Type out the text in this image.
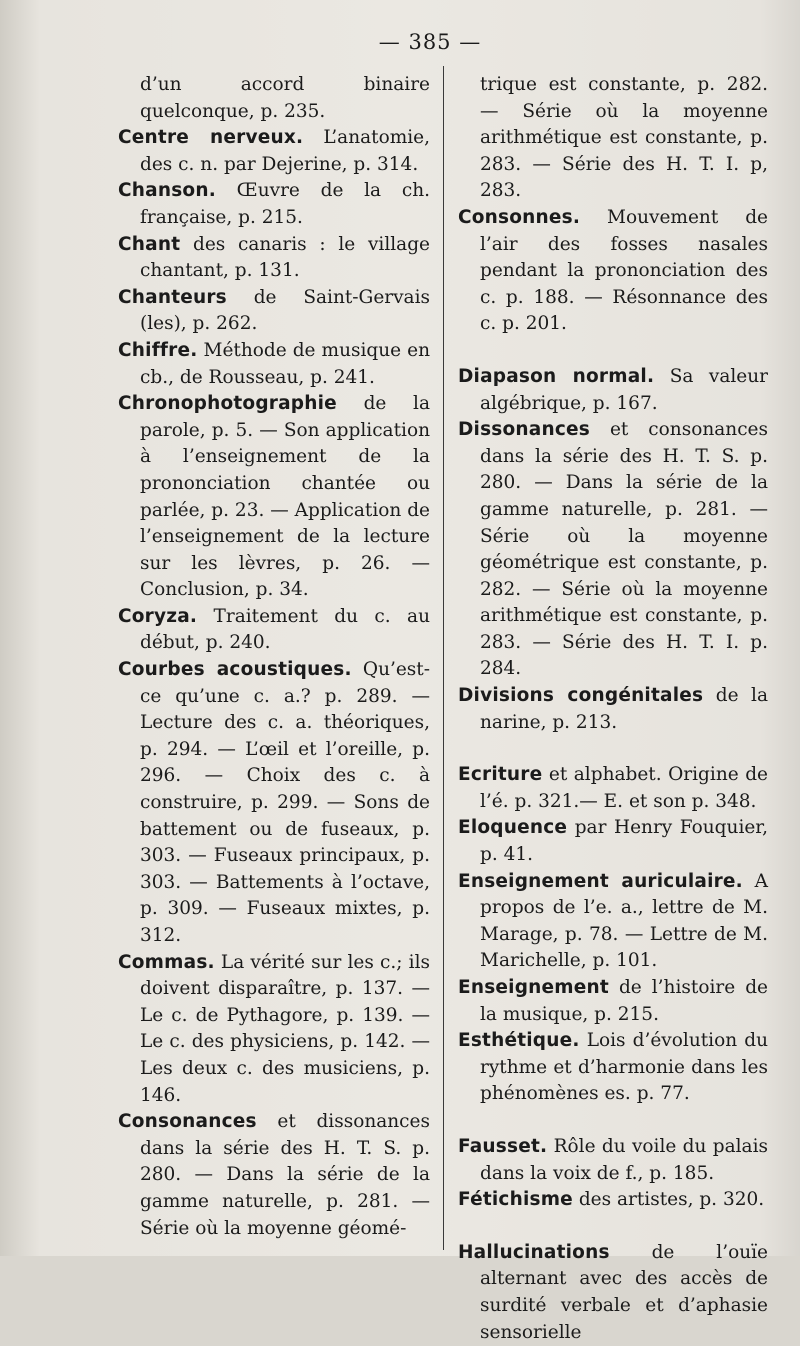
— 385 —

d’un accord binaire quelconque, p. 235.

Centre nerveux. L’anatomie, des c. n. par Dejerine, p. 314.

Chanson. Œuvre de la ch. française, p. 215.

Chant des canaris : le village chantant, p. 131.

Chanteurs de Saint-Gervais (les), p. 262.

Chiffre. Méthode de musique en cb., de Rousseau, p. 241.

Chronophotographie de la parole, p. 5. — Son application à l’enseignement de la prononciation chantée ou parlée, p. 23. — Application de l’enseignement de la lecture sur les lèvres, p. 26. — Conclusion, p. 34.

Coryza. Traitement du c. au début, p. 240.

Courbes acoustiques. Qu’est-ce qu’une c. a.? p. 289. — Lecture des c. a. théoriques, p. 294. — L’œil et l’oreille, p. 296. — Choix des c. à construire, p. 299. — Sons de battement ou de fuseaux, p. 303. — Fuseaux principaux, p. 303. — Battements à l’octave, p. 309. — Fuseaux mixtes, p. 312.

Commas. La vérité sur les c.; ils doivent disparaître, p. 137. — Le c. de Pythagore, p. 139. — Le c. des physiciens, p. 142. — Les deux c. des musiciens, p. 146.

Consonances et dissonances dans la série des H. T. S. p. 280. — Dans la série de la gamme naturelle, p. 281. — Série où la moyenne géomé-

trique est constante, p. 282. — Série où la moyenne arithmétique est constante, p. 283. — Série des H. T. I. p, 283.

Consonnes. Mouvement de l’air des fosses nasales pendant la prononciation des c. p. 188. — Résonnance des c. p. 201.

Diapason normal. Sa valeur algébrique, p. 167.

Dissonances et consonances dans la série des H. T. S. p. 280. — Dans la série de la gamme naturelle, p. 281. — Série où la moyenne géométrique est constante, p. 282. — Série où la moyenne arithmétique est constante, p. 283. — Série des H. T. I. p. 284.

Divisions congénitales de la narine, p. 213.

Ecriture et alphabet. Origine de l’é. p. 321.— E. et son p. 348.

Eloquence par Henry Fouquier, p. 41.

Enseignement auriculaire. A propos de l’e. a., lettre de M. Marage, p. 78. — Lettre de M. Marichelle, p. 101.

Enseignement de l’histoire de la musique, p. 215.

Esthétique. Lois d’évolution du rythme et d’harmonie dans les phénomènes es. p. 77.

Fausset. Rôle du voile du palais dans la voix de f., p. 185.

Fétichisme des artistes, p. 320.

Hallucinations de l’ouïe alternant avec des accès de surdité verbale et d’aphasie sensorielle
